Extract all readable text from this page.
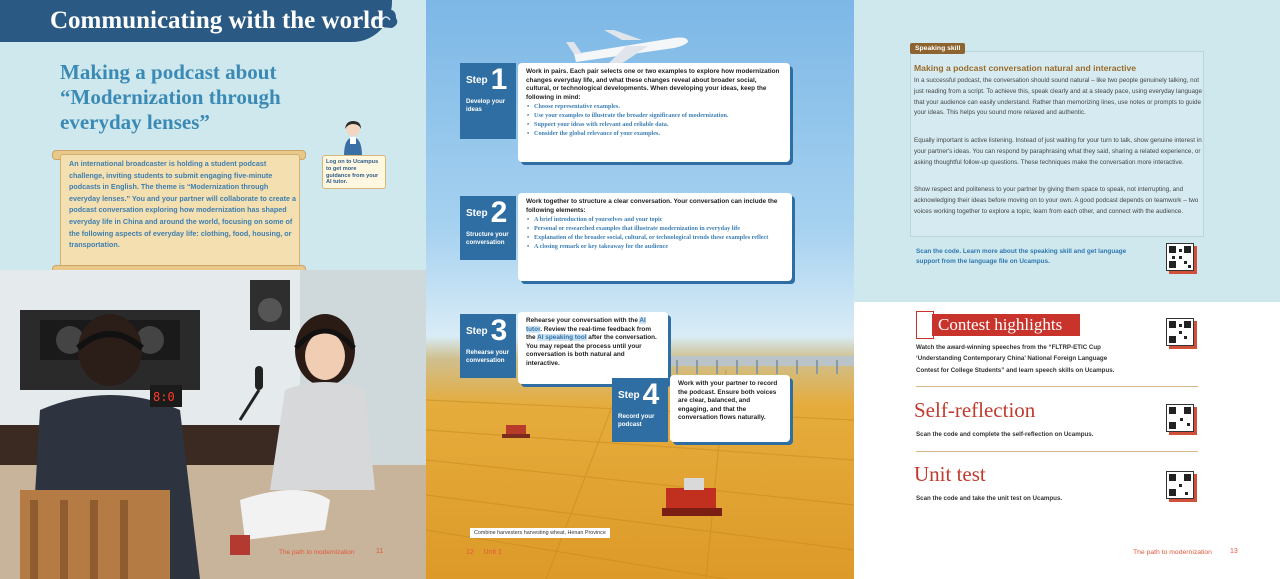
Communicating with the world
Making a podcast about “Modernization through everyday lenses”
Log on to Ucampus to get more guidance from your AI tutor.
An international broadcaster is holding a student podcast challenge, inviting students to submit engaging five-minute podcasts in English. The theme is “Modernization through everyday lenses.” You and your partner will collaborate to create a podcast conversation exploring how modernization has shaped everyday life in China and around the world, focusing on some of the following aspects of everyday life: clothing, food, housing, or transportation.
8:0
The path to modernization	11
Step 1
Develop your ideas
Work in pairs. Each pair selects one or two examples to explore how modernization changes everyday life, and what these changes reveal about broader social, cultural, or technological developments. When developing your ideas, keep the following in mind:
• Choose representative examples.
• Use your examples to illustrate the broader significance of modernization.
• Support your ideas with relevant and reliable data.
• Consider the global relevance of your examples.
Step 2
Structure your conversation
Work together to structure a clear conversation. Your conversation can include the following elements:
• A brief introduction of yourselves and your topic
• Personal or researched examples that illustrate modernization in everyday life
• Explanation of the broader social, cultural, or technological trends these examples reflect
• A closing remark or key takeaway for the audience
Step 3
Rehearse your conversation
Rehearse your conversation with the AI tutor. Review the real-time feedback from the AI speaking tool after the conversation. You may repeat the process until your conversation is both natural and interactive.
Step 4
Record your podcast
Work with your partner to record the podcast. Ensure both voices are clear, balanced, and engaging, and that the conversation flows naturally.
12 Unit 1
Combine harvesters harvesting wheat, Henan Province
Speaking skill
Making a podcast conversation natural and interactive
In a successful podcast, the conversation should sound natural – like two people genuinely talking, not just reading from a script. To achieve this, speak clearly and at a steady pace, using everyday language that your audience can easily understand. Rather than memorizing lines, use notes or prompts to guide your ideas. This helps you sound more relaxed and authentic.
Equally important is active listening. Instead of just waiting for your turn to talk, show genuine interest in your partner's ideas. You can respond by paraphrasing what they said, sharing a related experience, or asking thoughtful follow-up questions. These techniques make the conversation more interactive.
Show respect and politeness to your partner by giving them space to speak, not interrupting, and acknowledging their ideas before moving on to your own. A good podcast depends on teamwork – two voices working together to explore a topic, learn from each other, and connect with the audience.
Scan the code. Learn more about the speaking skill and get language support from the language file on Ucampus.
Contest highlights
Watch the award-winning speeches from the “FLTRP-ETIC Cup ‘Understanding Contemporary China’ National Foreign Language Contest for College Students” and learn speech skills on Ucampus.
Self-reflection
Scan the code and complete the self-reflection on Ucampus.
Unit test
Scan the code and take the unit test on Ucampus.
The path to modernization	13
